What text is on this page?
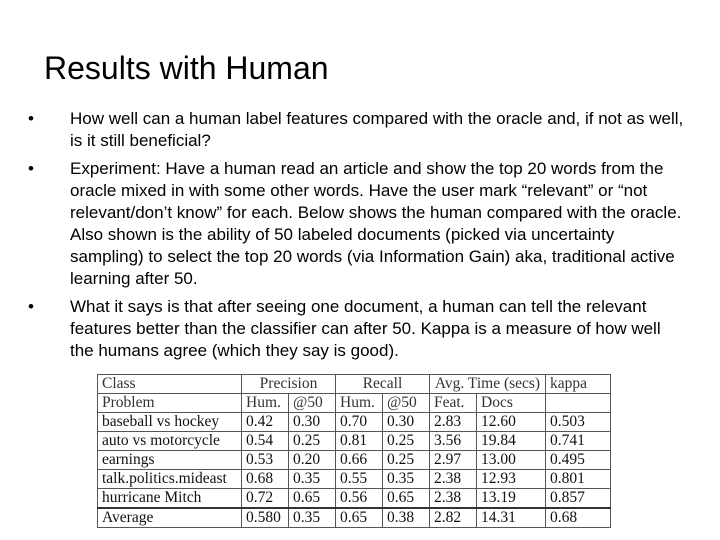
Results with Human
•	How well can a human label features compared with the oracle and, if not as well, is it still beneficial?
•	Experiment: Have a human read an article and show the top 20 words from the oracle mixed in with some other words. Have the user mark “relevant” or “not relevant/don’t know” for each. Below shows the human compared with the oracle. Also shown is the ability of 50 labeled documents (picked via uncertainty sampling) to select the top 20 words (via Information Gain) aka, traditional active learning after 50.
•	What it says is that after seeing one document, a human can tell the relevant features better than the classifier can after 50. Kappa is a measure of how well the humans agree (which they say is good).
Class	Precision		Recall		Avg. Time (secs)		kappa
Problem	Hum.	@50	Hum.	@50	Feat.	Docs	
baseball vs hockey	0.42	0.30	0.70	0.30	2.83	12.60	0.503
auto vs motorcycle	0.54	0.25	0.81	0.25	3.56	19.84	0.741
earnings	0.53	0.20	0.66	0.25	2.97	13.00	0.495
talk.politics.mideast	0.68	0.35	0.55	0.35	2.38	12.93	0.801
hurricane Mitch	0.72	0.65	0.56	0.65	2.38	13.19	0.857
Average	0.580	0.35	0.65	0.38	2.82	14.31	0.68
